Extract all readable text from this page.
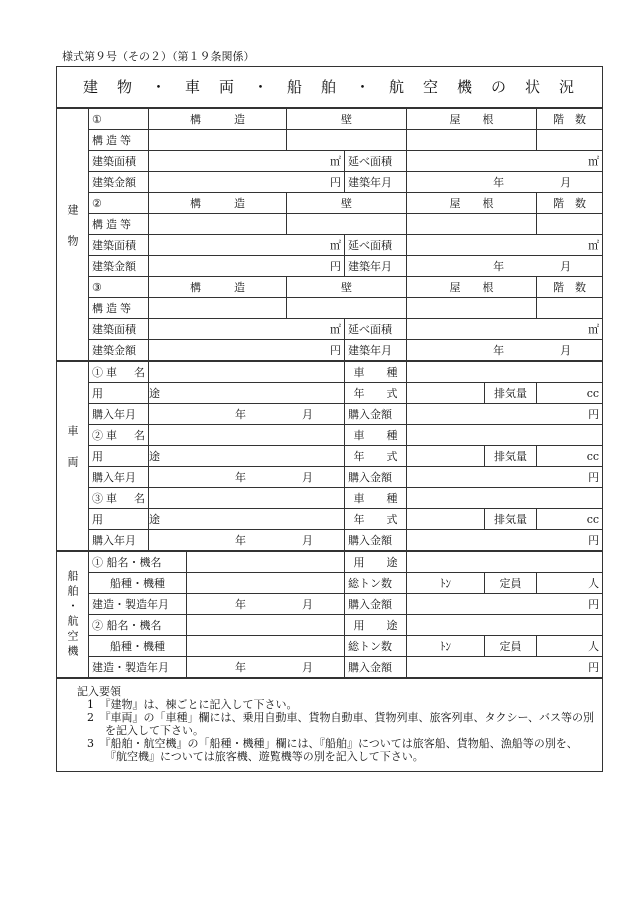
様式第９号（その２）（第１９条関係）
建　物　・　車　両　・　船　舶　・　航　空　機　の　状　況								
建物	①	構　　　造		壁		屋　　根		階　数
	構造等							
	建築面積	㎡			延べ面積	㎡		
	建築金額	円			建築年月	年 月		
	②	構　　　造		壁		屋　　根		階　数
	構造等							
	建築面積	㎡			延べ面積	㎡		
	建築金額	円			建築年月	年 月		
	③	構　　　造		壁		屋　　根		階　数
	構造等							
	建築面積	㎡			延べ面積	㎡		
	建築金額	円			建築年月	年 月		
車両	①車　名				車　　種			
	用　　途				年　　式		排気量	cc
	購入年月	年 月			購入金額	円		
	②車　名				車　　種			
	用　　途				年　　式		排気量	cc
	購入年月	年 月			購入金額	円		
	③車　名				車　　種			
	用　　途				年　　式		排気量	cc
	購入年月	年 月			購入金額	円		
船舶・航空機	① 船名・機名				用　　途			
	船種・機種				総トン数	ﾄﾝ	定員	人
	建造・製造年月		年 月		購入金額	円		
	② 船名・機名				用　　途			
	船種・機種				総トン数	ﾄﾝ	定員	人
	建造・製造年月		年 月		購入金額	円		

記入要領
1　 『建物』は、棟ごとに記入して下さい。
2　 『車両』の「車種」欄には、乗用自動車、貨物自動車、貨物列車、旅客列車、タクシー、バス等の別を記入して下さい。
3　 『船舶・航空機』の「船種・機種」欄には、『船舶』については旅客船、貨物船、漁船等の別を、『航空機』については旅客機、遊覧機等の別を記入して下さい。								
